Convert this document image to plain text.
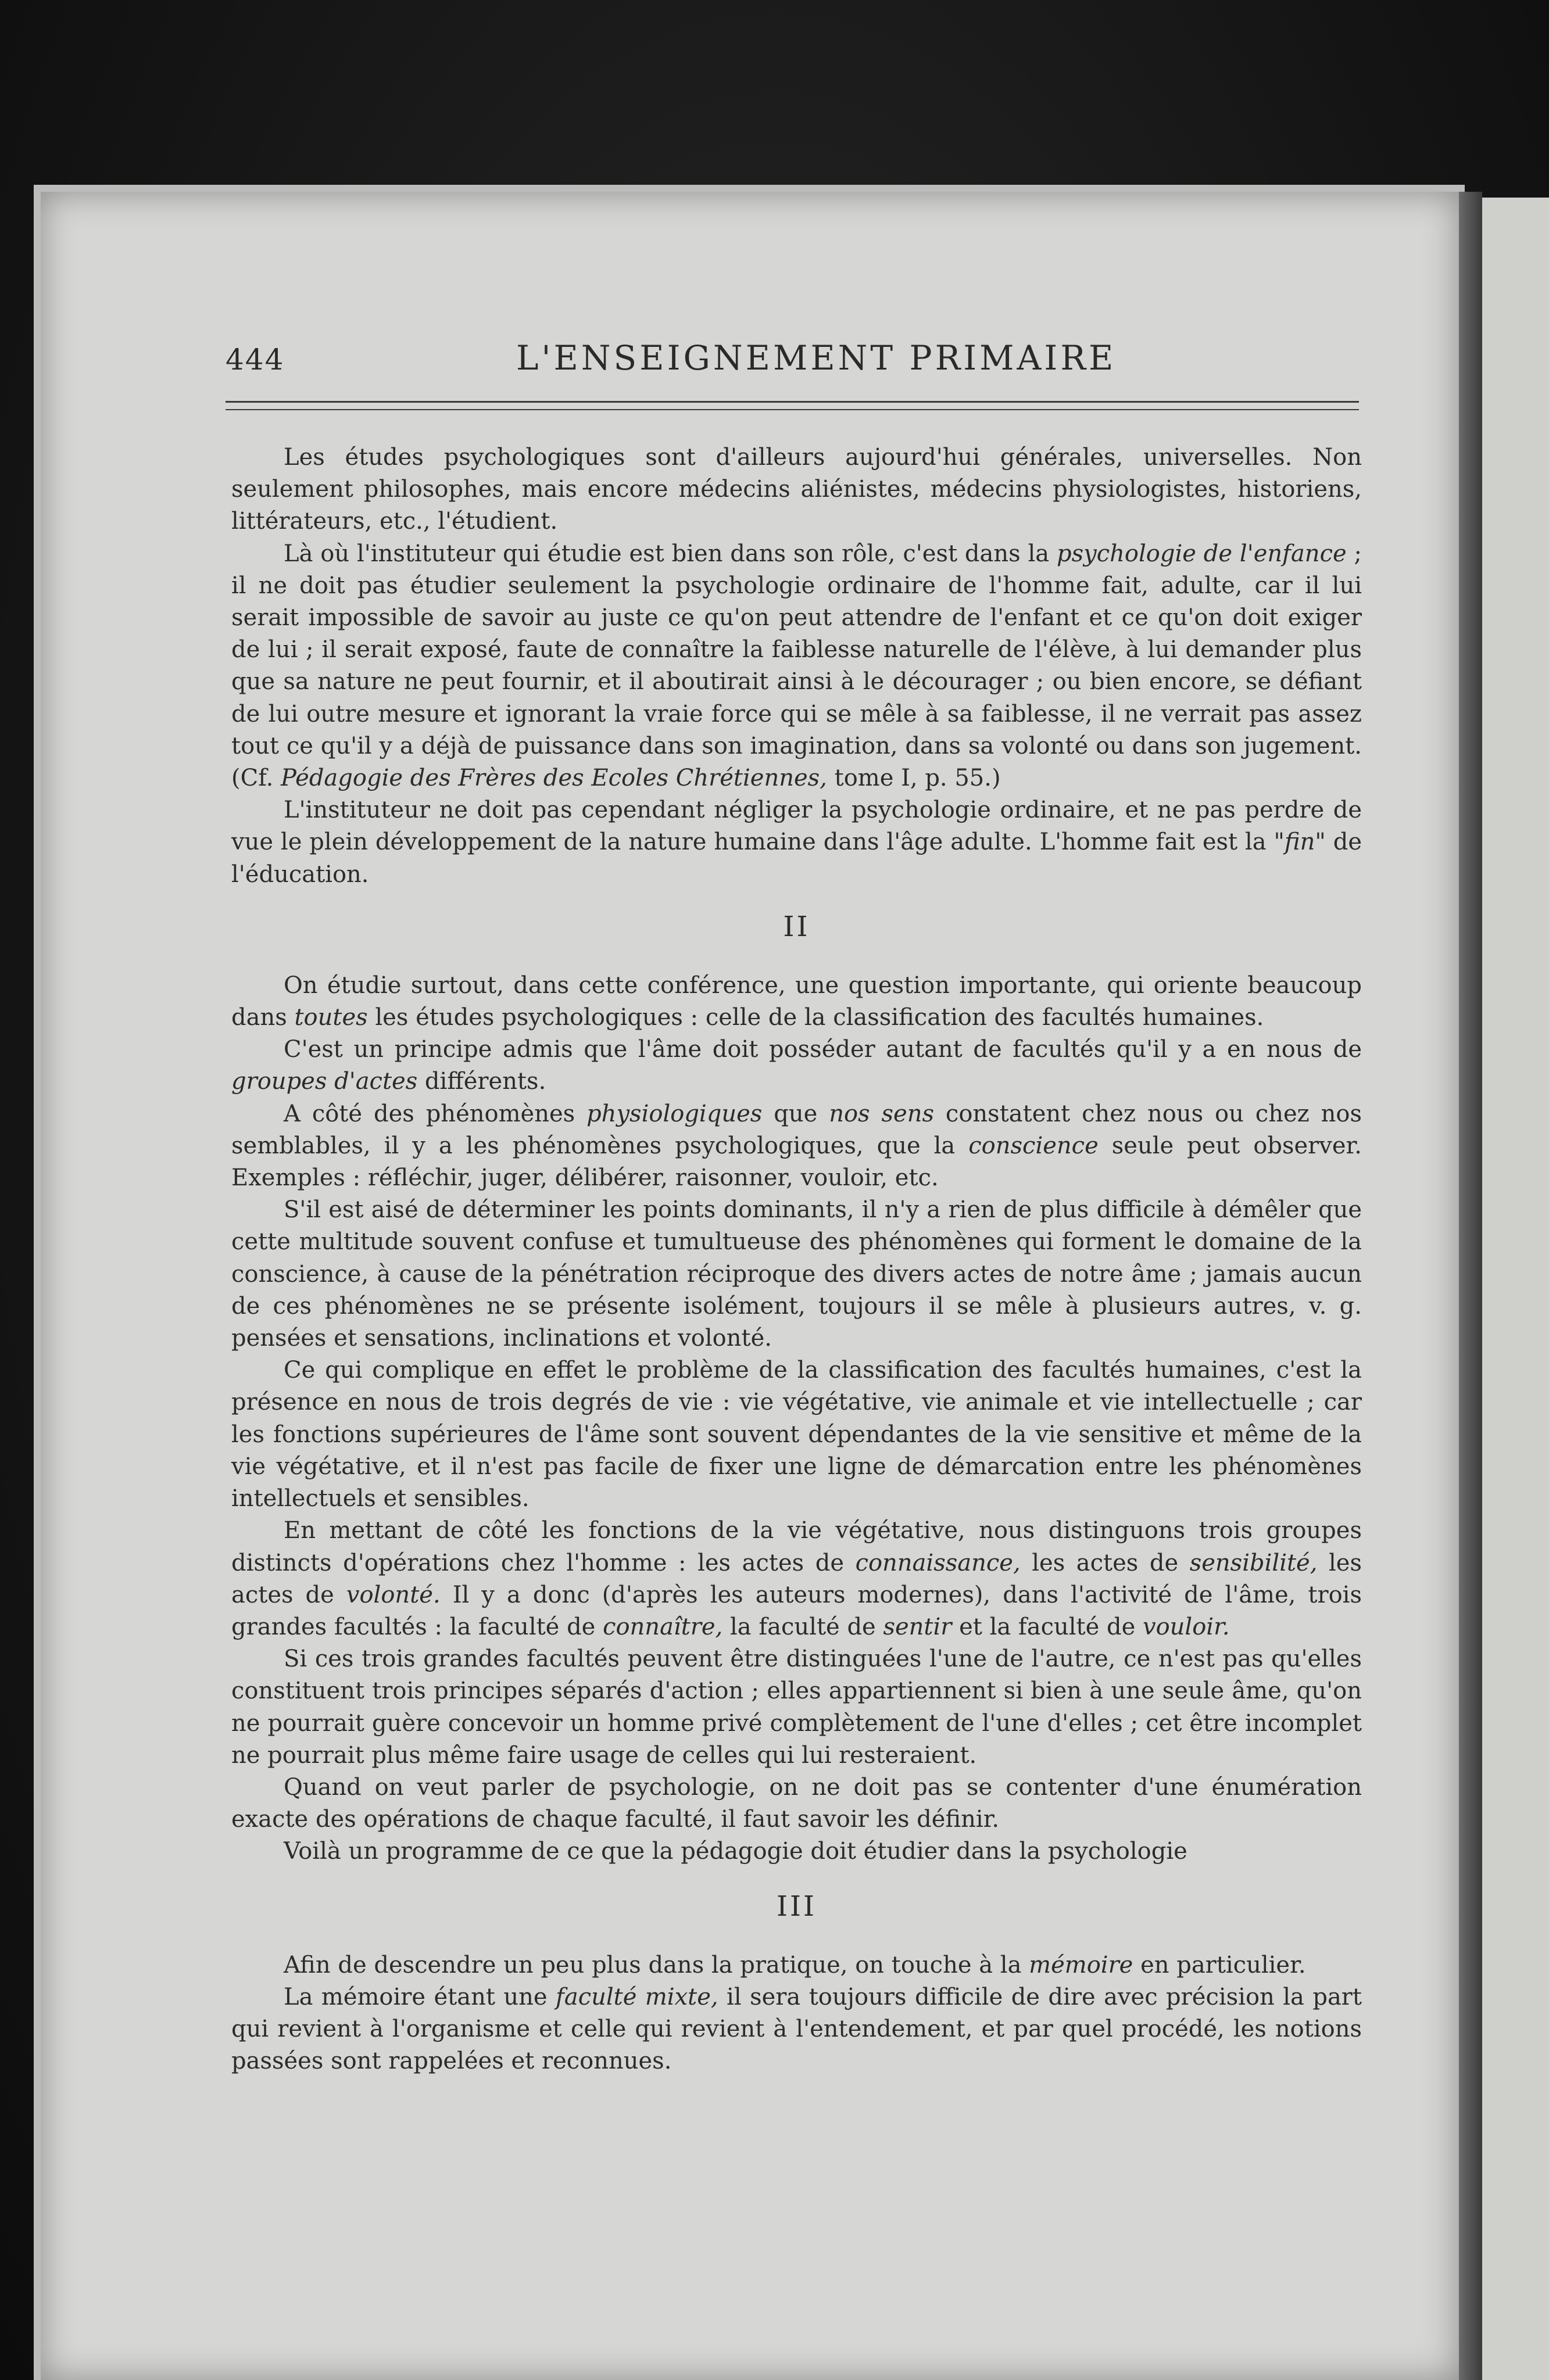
444	L'ENSEIGNEMENT PRIMAIRE

Les études psychologiques sont d'ailleurs aujourd'hui générales, universelles. Non seulement philosophes, mais encore médecins aliénistes, médecins physiologistes, historiens, littérateurs, etc., l'étudient.

Là où l'instituteur qui étudie est bien dans son rôle, c'est dans la psychologie de l'enfance ; il ne doit pas étudier seulement la psychologie ordinaire de l'homme fait, adulte, car il lui serait impossible de savoir au juste ce qu'on peut attendre de l'enfant et ce qu'on doit exiger de lui ; il serait exposé, faute de connaître la faiblesse naturelle de l'élève, à lui demander plus que sa nature ne peut fournir, et il aboutirait ainsi à le décourager ; ou bien encore, se défiant de lui outre mesure et ignorant la vraie force qui se mêle à sa faiblesse, il ne verrait pas assez tout ce qu'il y a déjà de puissance dans son imagination, dans sa volonté ou dans son jugement. (Cf. Pédagogie des Frères des Ecoles Chrétiennes, tome I, p. 55.)

L'instituteur ne doit pas cependant négliger la psychologie ordinaire, et ne pas perdre de vue le plein développement de la nature humaine dans l'âge adulte. L'homme fait est la "fin" de l'éducation.

II

On étudie surtout, dans cette conférence, une question importante, qui oriente beaucoup dans toutes les études psychologiques : celle de la classification des facultés humaines.

C'est un principe admis que l'âme doit posséder autant de facultés qu'il y a en nous de groupes d'actes différents.

A côté des phénomènes physiologiques que nos sens constatent chez nous ou chez nos semblables, il y a les phénomènes psychologiques, que la conscience seule peut observer. Exemples : réfléchir, juger, délibérer, raisonner, vouloir, etc.

S'il est aisé de déterminer les points dominants, il n'y a rien de plus difficile à démêler que cette multitude souvent confuse et tumultueuse des phénomènes qui forment le domaine de la conscience, à cause de la pénétration réciproque des divers actes de notre âme ; jamais aucun de ces phénomènes ne se présente isolément, toujours il se mêle à plusieurs autres, v. g. pensées et sensations, inclinations et volonté.

Ce qui complique en effet le problème de la classification des facultés humaines, c'est la présence en nous de trois degrés de vie : vie végétative, vie animale et vie intellectuelle ; car les fonctions supérieures de l'âme sont souvent dépendantes de la vie sensitive et même de la vie végétative, et il n'est pas facile de fixer une ligne de démarcation entre les phénomènes intellectuels et sensibles.

En mettant de côté les fonctions de la vie végétative, nous distinguons trois groupes distincts d'opérations chez l'homme : les actes de connaissance, les actes de sensibilité, les actes de volonté. Il y a donc (d'après les auteurs modernes), dans l'activité de l'âme, trois grandes facultés : la faculté de connaître, la faculté de sentir et la faculté de vouloir.

Si ces trois grandes facultés peuvent être distinguées l'une de l'autre, ce n'est pas qu'elles constituent trois principes séparés d'action ; elles appartiennent si bien à une seule âme, qu'on ne pourrait guère concevoir un homme privé complètement de l'une d'elles ; cet être incomplet ne pourrait plus même faire usage de celles qui lui resteraient.

Quand on veut parler de psychologie, on ne doit pas se contenter d'une énumération exacte des opérations de chaque faculté, il faut savoir les définir.

Voilà un programme de ce que la pédagogie doit étudier dans la psychologie

III

Afin de descendre un peu plus dans la pratique, on touche à la mémoire en particulier.

La mémoire étant une faculté mixte, il sera toujours difficile de dire avec précision la part qui revient à l'organisme et celle qui revient à l'entendement, et par quel procédé, les notions passées sont rappelées et reconnues.
